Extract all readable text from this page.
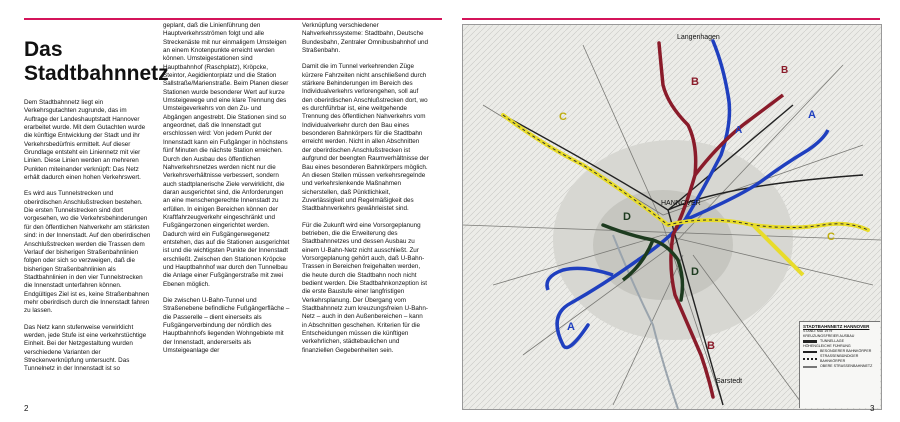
Das
Stadtbahnnetz

Dem Stadtbahnnetz liegt ein Verkehrsgutachten zugrunde, das im Auftrage der Landeshauptstadt Hannover erarbeitet wurde. Mit dem Gutachten wurde die künftige Entwicklung der Stadt und ihr Verkehrsbedürfnis ermittelt. Auf dieser Grundlage entsteht ein Liniennetz mit vier Linien. Diese Linien werden an mehreren Punkten miteinander verknüpft: Das Netz erhält dadurch einen hohen Verkehrswert.

Es wird aus Tunnelstrecken und oberirdischen Anschlußstrecken bestehen. Die ersten Tunnelstrecken sind dort vorgesehen, wo die Verkehrsbehinderungen für den öffentlichen Nahverkehr am stärksten sind: in der Innenstadt. Auf den oberirdischen Anschlußstrecken werden die Trassen dem Verlauf der bisherigen Straßenbahnlinien folgen oder sich so verzweigen, daß die bisherigen Straßenbahnlinien als Stadtbahnlinien in den vier Tunnelstrecken die Innenstadt unterfahren können. Endgültiges Ziel ist es, keine Straßenbahnen mehr oberirdisch durch die Innenstadt fahren zu lassen.

Das Netz kann stufenweise verwirklicht werden, jede Stufe ist eine verkehrstüchtige Einheit. Bei der Netzgestaltung wurden verschiedene Varianten der Streckenverknüpfung untersucht. Das Tunnelnetz in der Innenstadt ist so

geplant, daß die Linienführung den Hauptverkehrsströmen folgt und alle Streckenäste mit nur einmaligem Umsteigen an einem Knotenpunkte erreicht werden können. Umsteigestationen sind Hauptbahnhof (Raschplatz), Kröpcke, Steintor, Aegidientorplatz und die Station Sallstraße/Marienstraße. Beim Planen dieser Stationen wurde besonderer Wert auf kurze Umsteigewege und eine klare Trennung des Umsteigeverkehrs von den Zu- und Abgängen angestrebt. Die Stationen sind so angeordnet, daß die Innenstadt gut erschlossen wird: Von jedem Punkt der Innenstadt kann ein Fußgänger in höchstens fünf Minuten die nächste Station erreichen. Durch den Ausbau des öffentlichen Nahverkehrsnetzes werden nicht nur die Verkehrsverhältnisse verbessert, sondern auch stadtplanerische Ziele verwirklicht, die daran ausgerichtet sind, die Anforderungen an eine menschengerechte Innenstadt zu erfüllen. In einigen Bereichen können der Kraftfahrzeugverkehr eingeschränkt und Fußgängerzonen eingerichtet werden. Dadurch wird ein Fußgängerwegenetz entstehen, das auf die Stationen ausgerichtet ist und die wichtigsten Punkte der Innenstadt erschließt. Zwischen den Stationen Kröpcke und Hauptbahnhof war durch den Tunnelbau die Anlage einer Fußgängerstraße mit zwei Ebenen möglich.

Die zwischen U-Bahn-Tunnel und Straßenebene befindliche Fußgängerfläche – die Passerelle – dient einerseits als Fußgängerverbindung der nördlich des Hauptbahnhofs liegenden Wohngebiete mit der Innenstadt, andererseits als Umsteigeanlage der

Verknüpfung verschiedener Nahverkehrssysteme: Stadtbahn, Deutsche Bundesbahn, Zentraler Omnibusbahnhof und Straßenbahn.

Damit die im Tunnel verkehrenden Züge kürzere Fahrzeiten nicht anschließend durch stärkere Behinderungen im Bereich des Individualverkehrs verlorengehen, soll auf den oberirdischen Anschlußstrecken dort, wo es durchführbar ist, eine weitgehende Trennung des öffentlichen Nahverkehrs vom Individualverkehr durch den Bau eines besonderen Bahnkörpers für die Stadtbahn erreicht werden. Nicht in allen Abschnitten der oberirdischen Anschlußstrecken ist aufgrund der beengten Raumverhältnisse der Bau eines besonderen Bahnkörpers möglich. An diesen Stellen müssen verkehrsregelnde und verkehrslenkende Maßnahmen sicherstellen, daß Pünktlichkeit, Zuverlässigkeit und Regelmäßigkeit des Stadtbahnverkehrs gewährleistet sind.

Für die Zukunft wird eine Vorsorgeplanung betrieben, die die Erweiterung des Stadtbahnnetzes und dessen Ausbau zu einem U-Bahn-Netz nicht ausschließt. Zur Vorsorgeplanung gehört auch, daß U-Bahn-Trassen in Bereichen freigehalten werden, die heute durch die Stadtbahn noch nicht bedient werden. Die Stadtbahnkonzeption ist die erste Baustufe einer langfristigen Verkehrsplanung. Der Übergang vom Stadtbahnnetz zum kreuzungsfreien U-Bahn-Netz – auch in den Außenbereichen – kann in Abschnitten geschehen. Kriterien für die Entscheidungen müssen die künftigen verkehrlichen, städtebaulichen und finanziellen Gegebenheiten sein.

2
Langenhagen
HANNOVER
Sarstedt
A
B
C
D
A
B
C
D
A
B
STADTBAHNNETZ HANNOVER
STAND: MAI 1979
KREUZUNGSFREIER AUSBAU
TUNNELLAGE
HÖHENGLEICHE FÜHRUNG
BESONDERER BAHNKÖRPER
STRASSENBÜNDIGER BAHNKÖRPER
OBERE STRASSENBAHNNETZ
3
